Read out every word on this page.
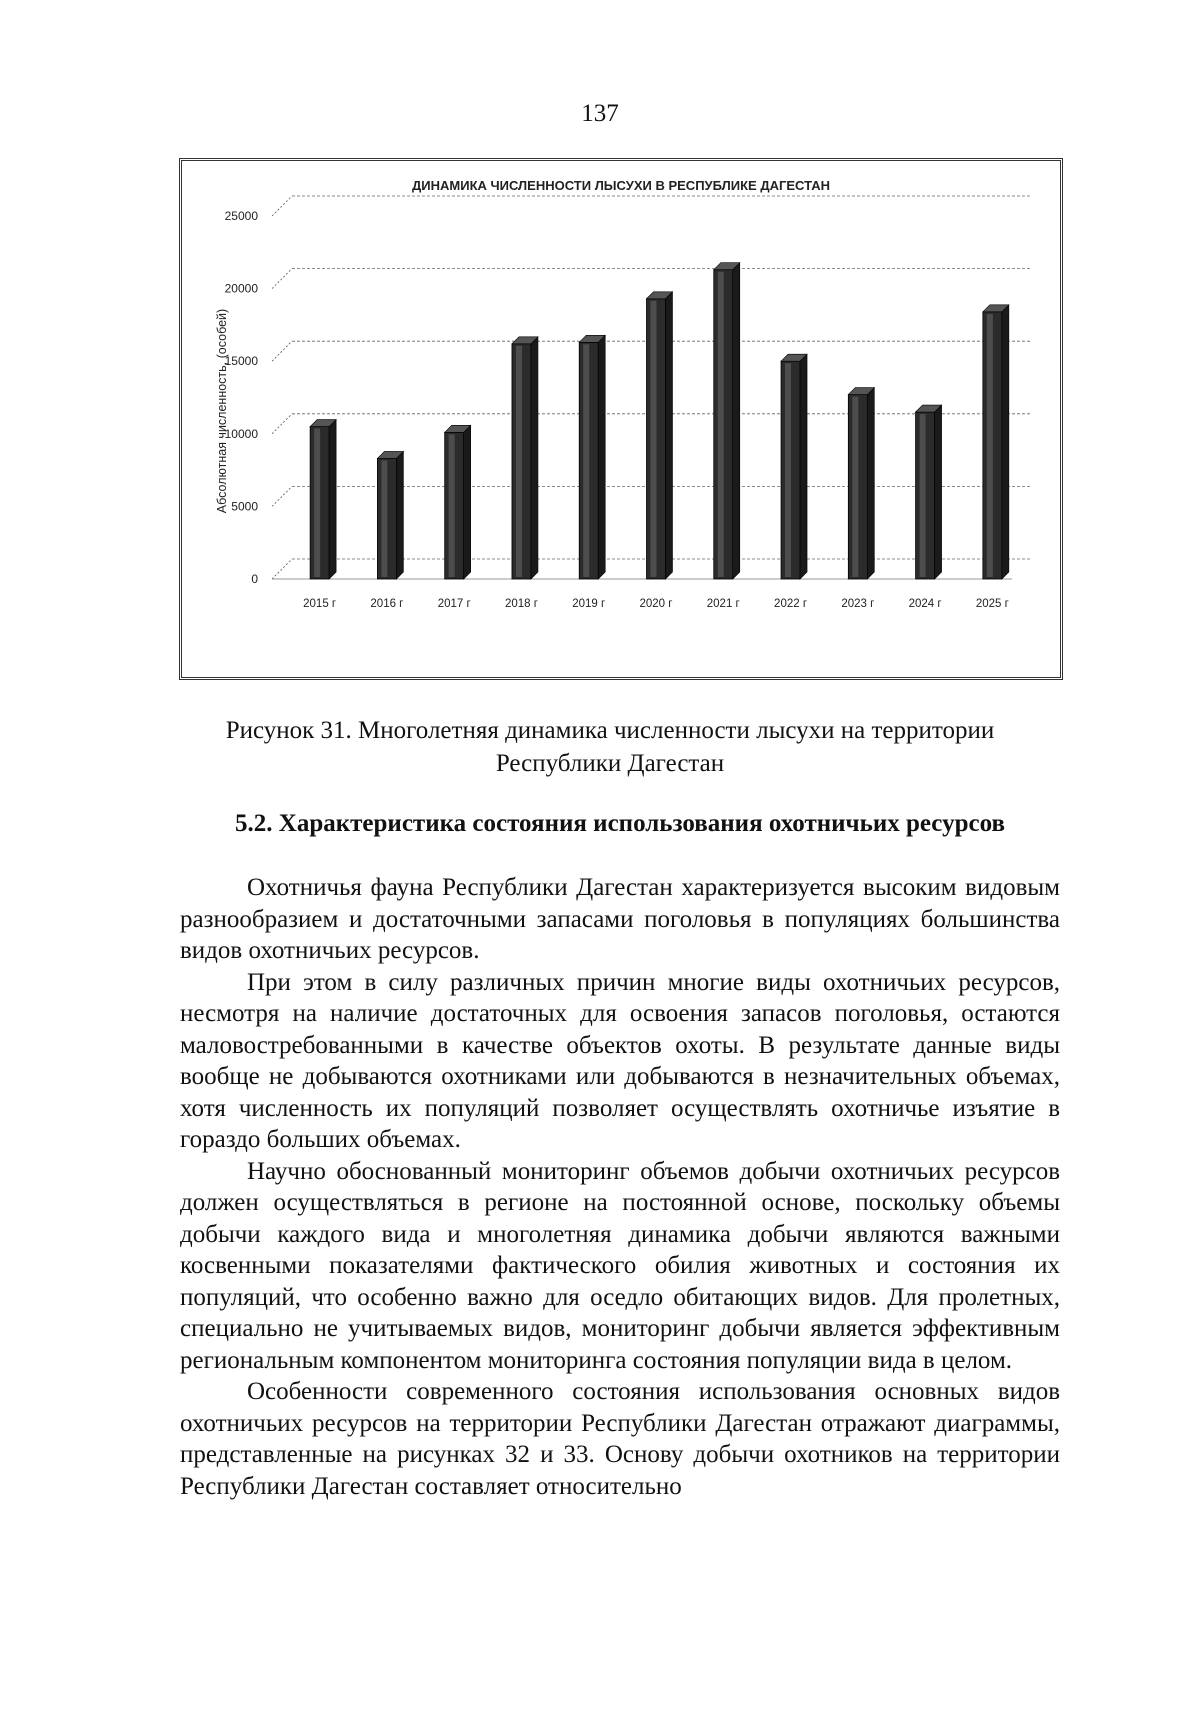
137
ДИНАМИКА ЧИСЛЕННОСТИ ЛЫСУХИ В РЕСПУБЛИКЕ ДАГЕСТАН
Абсолютная численность, (особей)
0
5000
10000
15000
20000
25000
2015 г	2016 г	2017 г	2018 г	2019 г	2020 г	2021 г	2022 г	2023 г	2024 г	2025 г
Рисунок 31. Многолетняя динамика численности лысухи на территории
Республики Дагестан
5.2. Характеристика состояния использования охотничьих ресурсов

Охотничья фауна Республики Дагестан характеризуется высоким видовым разнообразием и достаточными запасами поголовья в популяциях большинства видов охотничьих ресурсов.

При этом в силу различных причин многие виды охотничьих ресурсов, несмотря на наличие достаточных для освоения запасов поголовья, остаются маловостребованными в качестве объектов охоты. В результате данные виды вообще не добываются охотниками или добываются в незначительных объемах, хотя численность их популяций позволяет осуществлять охотничье изъятие в гораздо больших объемах.

Научно обоснованный мониторинг объемов добычи охотничьих ресурсов должен осуществляться в регионе на постоянной основе, поскольку объемы добычи каждого вида и многолетняя динамика добычи являются важными косвенными показателями фактического обилия животных и состояния их популяций, что особенно важно для оседло обитающих видов. Для пролетных, специально не учитываемых видов, мониторинг добычи является эффективным региональным компонентом мониторинга состояния популяции вида в целом.

Особенности современного состояния использования основных видов охотничьих ресурсов на территории Республики Дагестан отражают диаграммы, представленные на рисунках 32 и 33. Основу добычи охотников на территории Республики Дагестан составляет относительно
